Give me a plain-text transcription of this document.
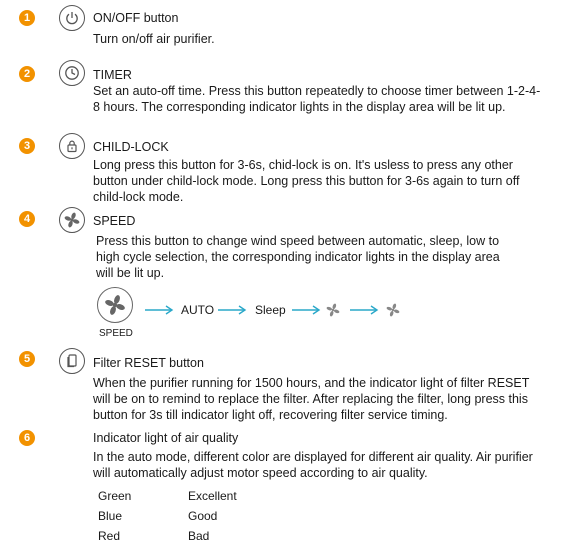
1	ON/OFF button
Turn on/off air purifier.
2	TIMER
Set an auto-off time. Press this button repeatedly to choose timer between 1-2-4-8 hours. The corresponding indicator lights in the display area will be lit up.
3	CHILD-LOCK
Long press this button for 3-6s, chid-lock is on. It's usless to press any other button under child-lock mode. Long press this button for 3-6s again to turn off child-lock mode.
4	SPEED
Press this button to change wind speed between automatic, sleep, low to high cycle selection, the corresponding indicator lights in the display area will be lit up.
SPEED
AUTO	Sleep
5	Filter RESET button
When the purifier running for 1500 hours, and the indicator light of filter RESET will be on to remind to replace the filter. After replacing the filter, long press this button for 3s till indicator light off, recovering filter service timing.
6	Indicator light of air quality
In the auto mode, different color are displayed for different air quality. Air purifier will automatically adjust motor speed according to air quality.
Green	Excellent
Blue	Good
Red	Bad
